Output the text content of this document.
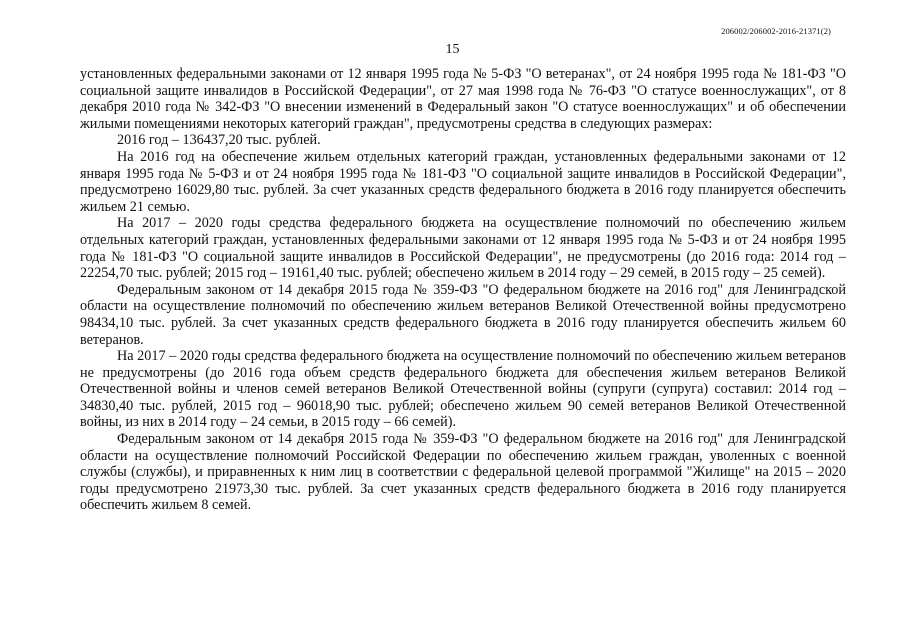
206002/206002-2016-21371(2)
15

установленных федеральными законами от 12 января 1995 года № 5-ФЗ "О ветеранах", от 24 ноября 1995 года № 181-ФЗ "О социальной защите инвалидов в Российской Федерации", от 27 мая 1998 года № 76-ФЗ "О статусе военнослужащих", от 8 декабря 2010 года № 342-ФЗ "О внесении изменений в Федеральный закон "О статусе военнослужащих" и об обеспечении жилыми помещениями некоторых категорий граждан", предусмотрены средства в следующих размерах:

2016 год – 136437,20 тыс. рублей.

На 2016 год на обеспечение жильем отдельных категорий граждан, установленных федеральными законами от 12 января 1995 года № 5-ФЗ и от 24 ноября 1995 года № 181-ФЗ "О социальной защите инвалидов в Российской Федерации", предусмотрено 16029,80 тыс. рублей. За счет указанных средств федерального бюджета в 2016 году планируется обеспечить жильем 21 семью.

На 2017 – 2020 годы средства федерального бюджета на осуществление полномочий по обеспечению жильем отдельных категорий граждан, установленных федеральными законами от 12 января 1995 года № 5-ФЗ и от 24 ноября 1995 года № 181-ФЗ "О социальной защите инвалидов в Российской Федерации", не предусмотрены (до 2016 года: 2014 год – 22254,70 тыс. рублей; 2015 год – 19161,40 тыс. рублей; обеспечено жильем в 2014 году – 29 семей, в 2015 году – 25 семей).

Федеральным законом от 14 декабря 2015 года № 359-ФЗ "О федеральном бюджете на 2016 год" для Ленинградской области на осуществление полномочий по обеспечению жильем ветеранов Великой Отечественной войны предусмотрено 98434,10 тыс. рублей. За счет указанных средств федерального бюджета в 2016 году планируется обеспечить жильем 60 ветеранов.

На 2017 – 2020 годы средства федерального бюджета на осуществление полномочий по обеспечению жильем ветеранов не предусмотрены (до 2016 года объем средств федерального бюджета для обеспечения жильем ветеранов Великой Отечественной войны и членов семей ветеранов Великой Отечественной войны (супруги (супруга) составил: 2014 год – 34830,40 тыс. рублей, 2015 год – 96018,90 тыс. рублей; обеспечено жильем 90 семей ветеранов Великой Отечественной войны, из них в 2014 году – 24 семьи, в 2015 году – 66 семей).

Федеральным законом от 14 декабря 2015 года № 359-ФЗ "О федеральном бюджете на 2016 год" для Ленинградской области на осуществление полномочий Российской Федерации по обеспечению жильем граждан, уволенных с военной службы (службы), и приравненных к ним лиц в соответствии с федеральной целевой программой "Жилище" на 2015 – 2020 годы предусмотрено 21973,30 тыс. рублей. За счет указанных средств федерального бюджета в 2016 году планируется обеспечить жильем 8 семей.
